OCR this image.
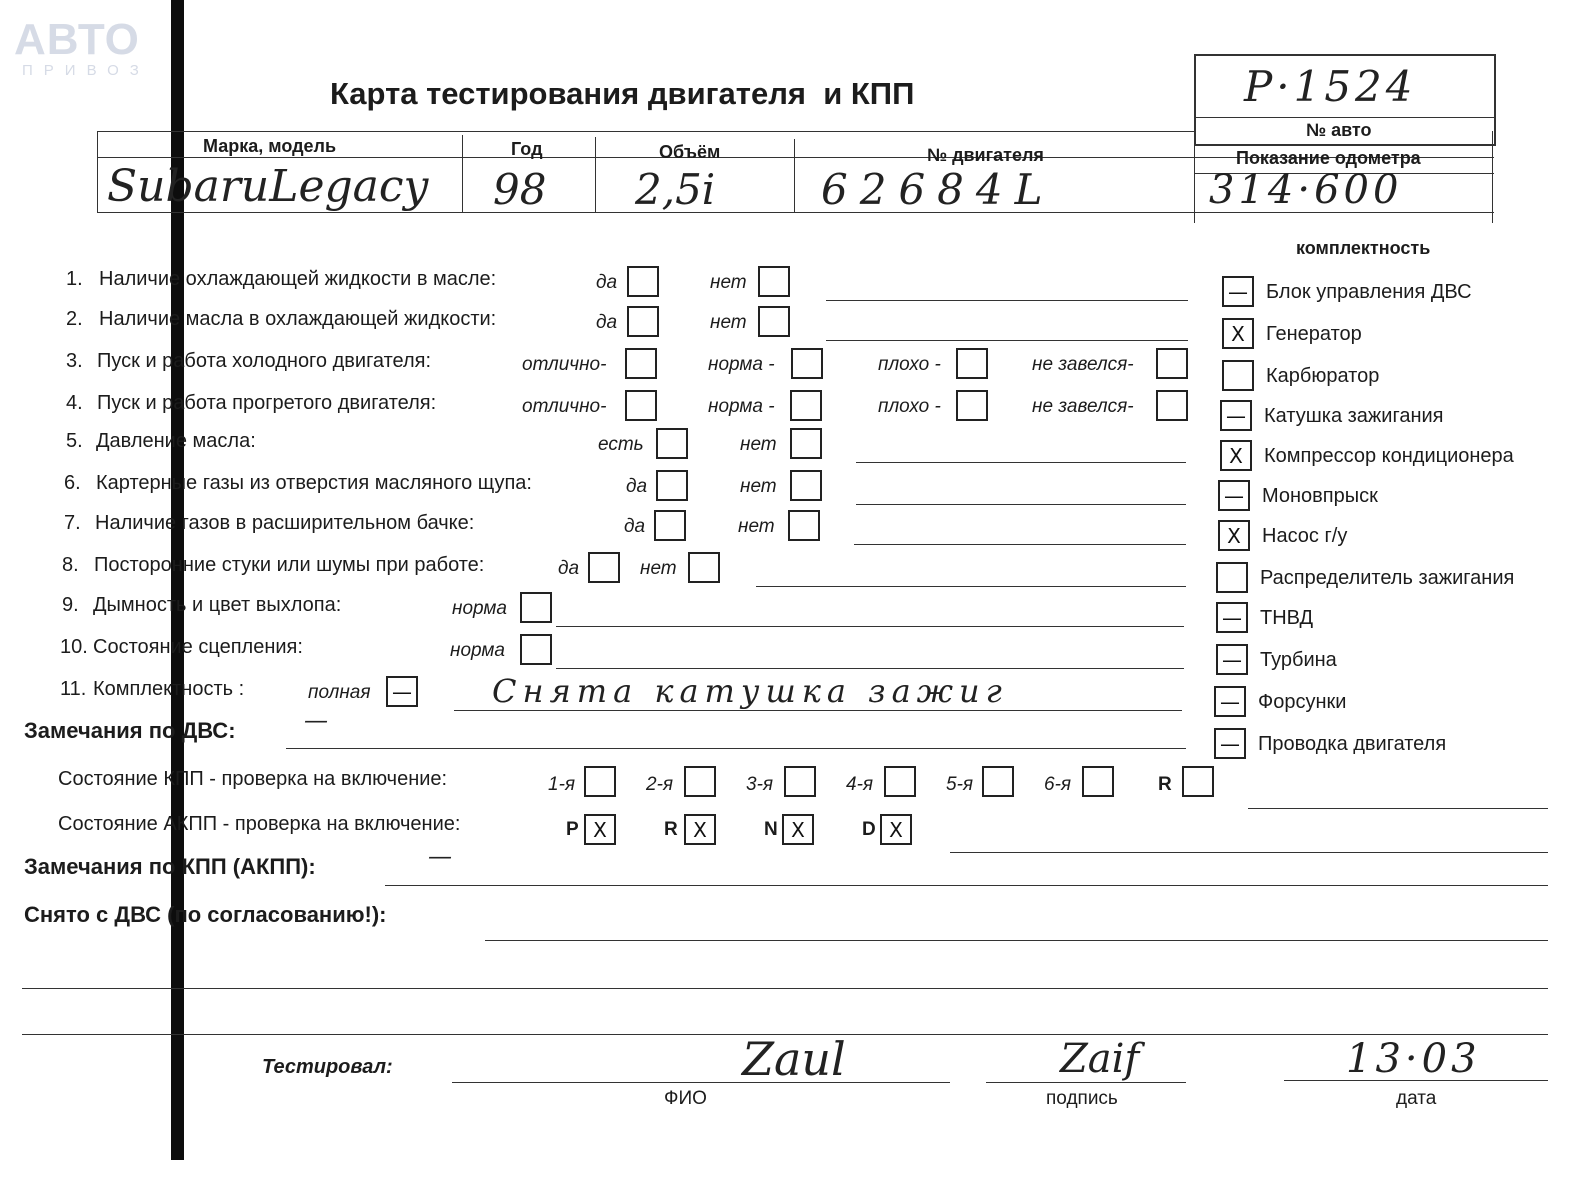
АВТО
ПРИВОЗ
Карта тестирования двигателя  и КПП	P·1524
№ авто
Марка, модель	Год	Объём	№ двигателя	Показание одометра
SubaruLegacy 98 2,5i	62684L	314·600
1. Наличие охлаждающей жидкости в масле:	да	нет
2. Наличие масла в охлаждающей жидкости:	да	нет
3. Пуск и работа холодного двигателя:	отлично-	норма -	плохо -	не завелся-
4. Пуск и работа прогретого двигателя:	отлично-	норма -	плохо -	не завелся-
5. Давление масла:	есть	нет
6. Картерные газы из отверстия масляного щупа:	да	нет
7. Наличие газов в расширительном бачке:	да	нет
8. Посторонние стуки или шумы при работе:	да	нет
9. Дымность и цвет выхлопа:	норма
10. Состояние сцепления:	норма
11. Комплектность :	полная —	Снята катушка зажиг
комплектность
— Блок управления ДВС
X	Генератор
Карбюратор
— Катушка зажигания
X	Компрессор кондиционера
— Моновпрыск
X	Насос г/у
Распределитель зажигания
— ТНВД
— Турбина
— Форсунки
— Проводка двигателя
Замечания по ДВС:	—
Состояние КПП - проверка на включение:	1-я	2-я	3-я	4-я	5-я	6-я	R
Состояние АКПП - проверка на включение:	P X	R X	N X	D X
Замечания по КПП (АКПП):	—
Снято с ДВС (по согласованию!):
Тестировал:	Zaul
ФИО
Zaif
подпись
13·03
дата
